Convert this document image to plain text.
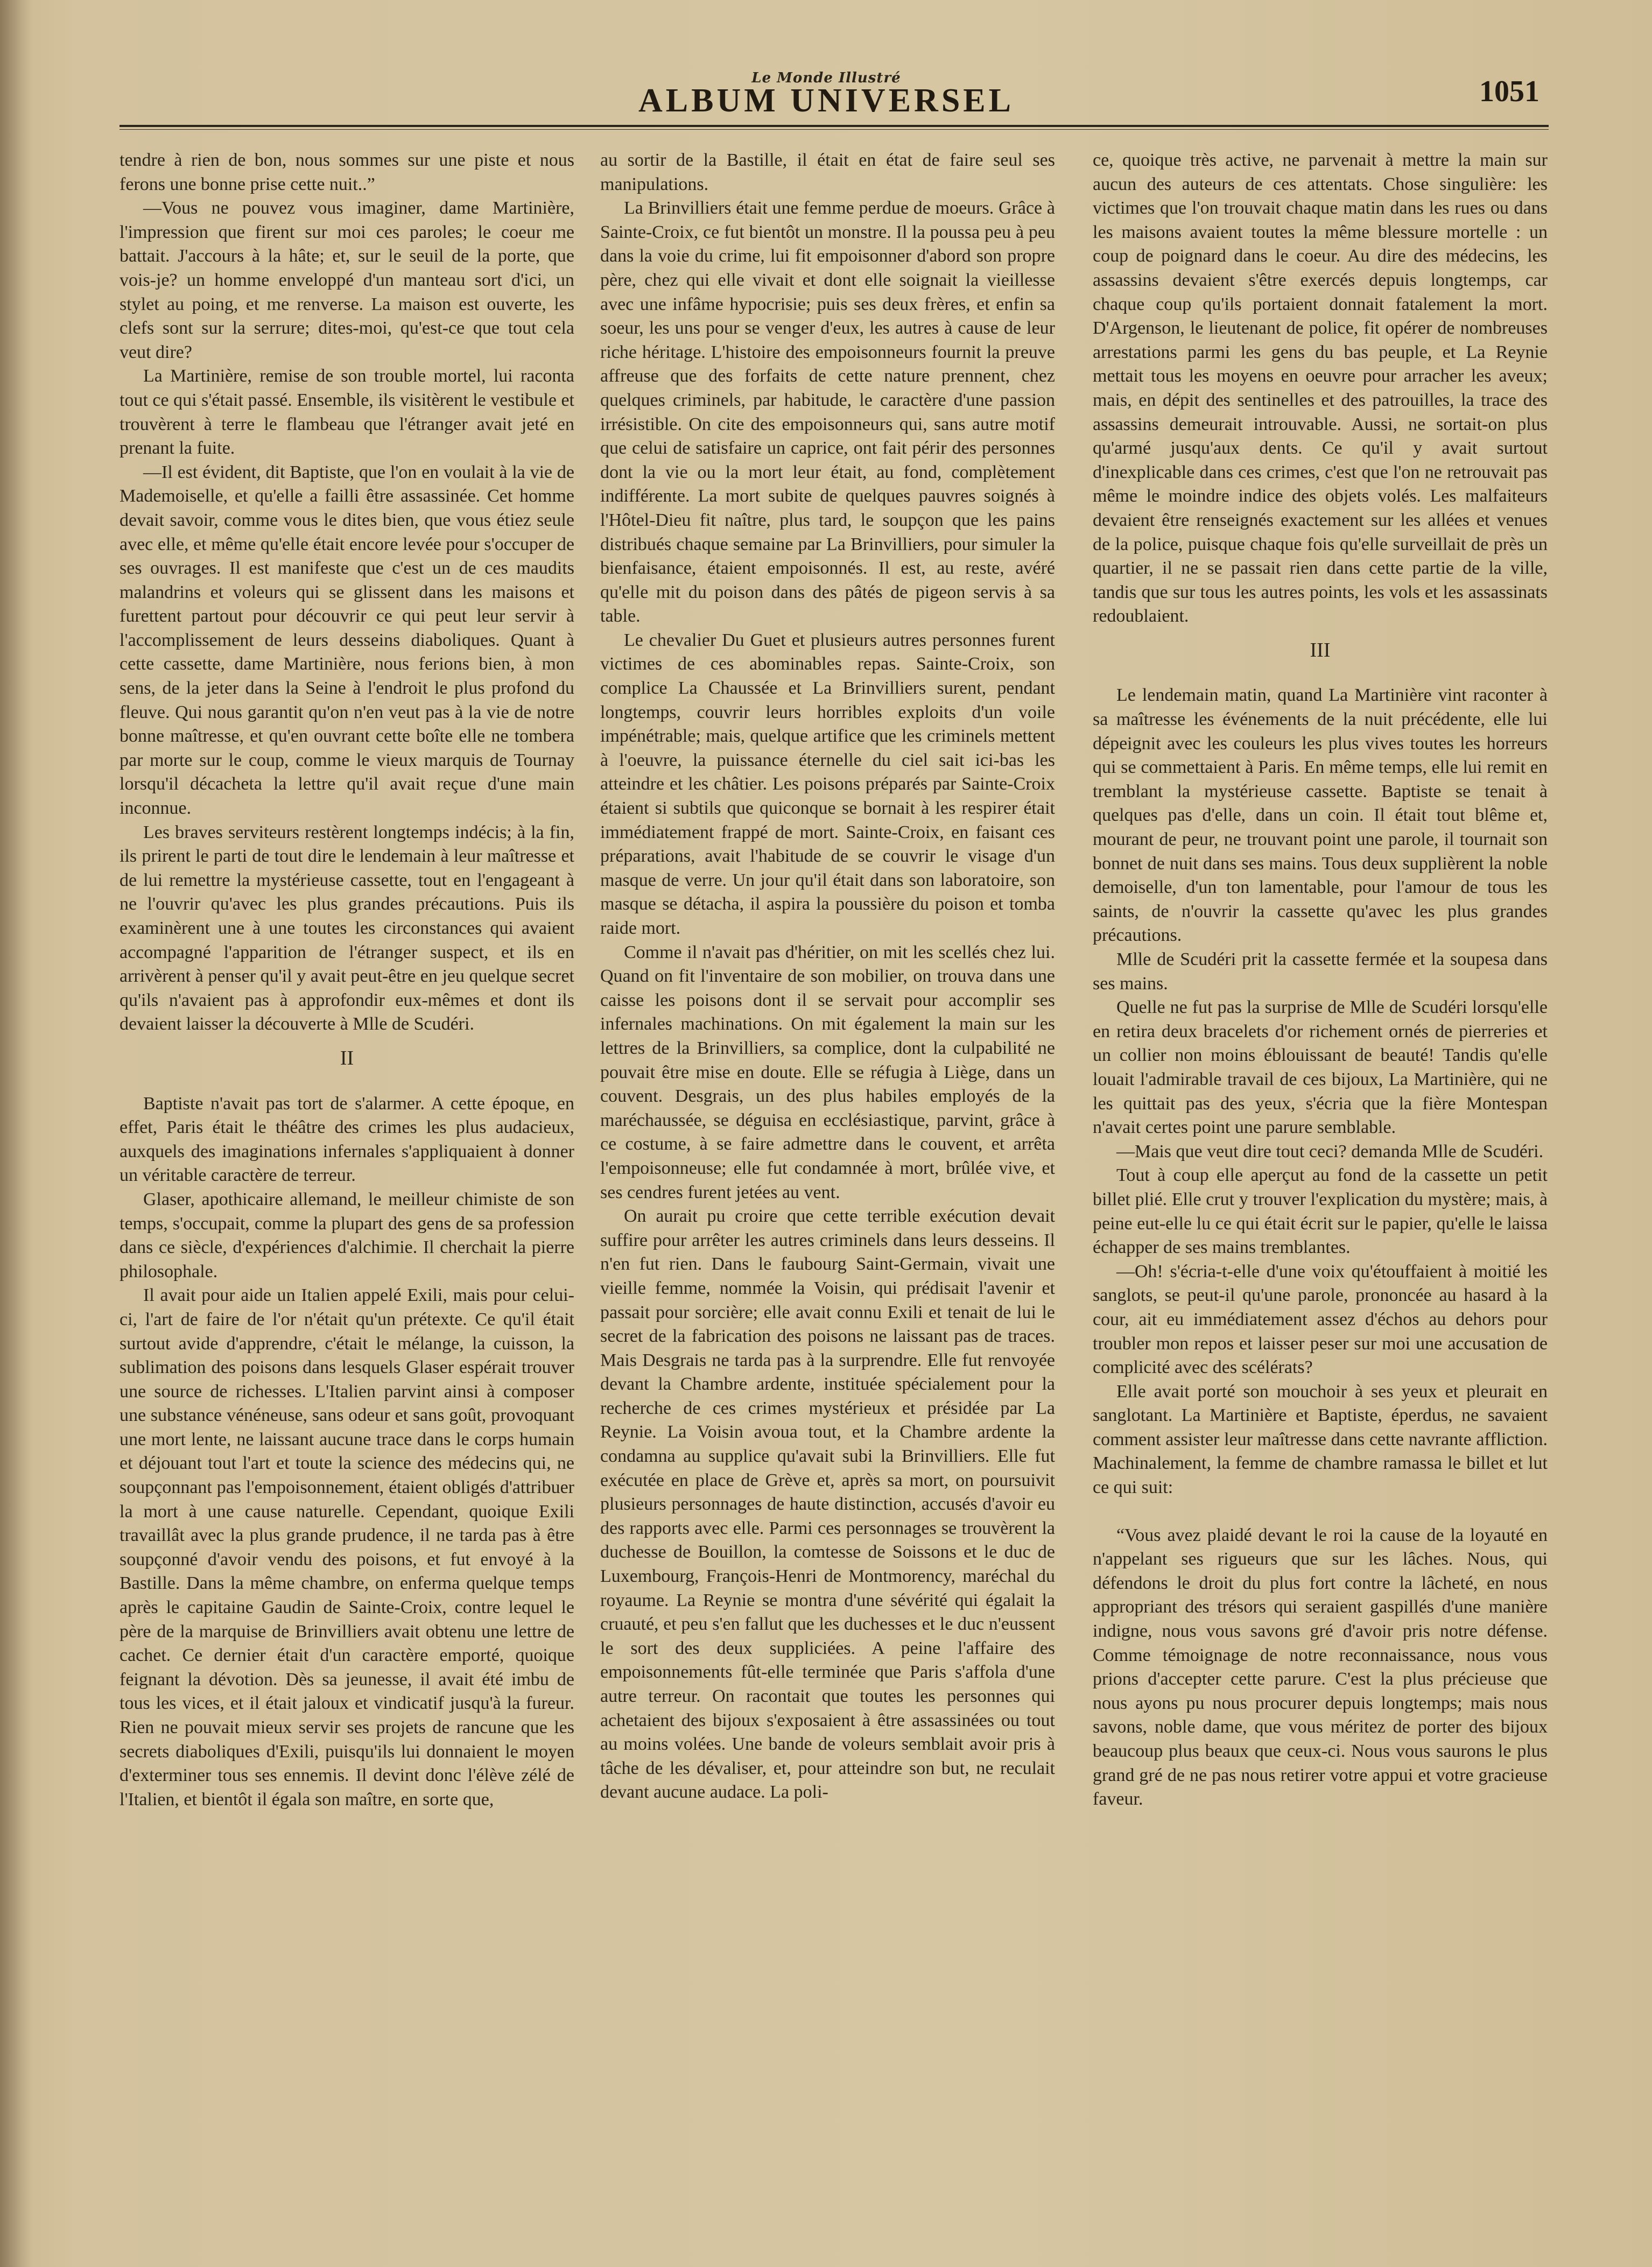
Le Monde Illustré
ALBUM UNIVERSEL	1051

tendre à rien de bon, nous sommes sur une piste et nous ferons une bonne prise cette nuit..”

—Vous ne pouvez vous imaginer, dame Martinière, l'impression que firent sur moi ces paroles; le coeur me battait. J'accours à la hâte; et, sur le seuil de la porte, que vois-je? un homme enveloppé d'un manteau sort d'ici, un stylet au poing, et me renverse. La maison est ouverte, les clefs sont sur la serrure; dites-moi, qu'est-ce que tout cela veut dire?

La Martinière, remise de son trouble mortel, lui raconta tout ce qui s'était passé. Ensemble, ils visitèrent le vestibule et trouvèrent à terre le flambeau que l'étranger avait jeté en prenant la fuite.

—Il est évident, dit Baptiste, que l'on en voulait à la vie de Mademoiselle, et qu'elle a failli être assassinée. Cet homme devait savoir, comme vous le dites bien, que vous étiez seule avec elle, et même qu'elle était encore levée pour s'occuper de ses ouvrages. Il est manifeste que c'est un de ces maudits malandrins et voleurs qui se glissent dans les maisons et furettent partout pour découvrir ce qui peut leur servir à l'accomplissement de leurs desseins diaboliques. Quant à cette cassette, dame Martinière, nous ferions bien, à mon sens, de la jeter dans la Seine à l'endroit le plus profond du fleuve. Qui nous garantit qu'on n'en veut pas à la vie de notre bonne maîtresse, et qu'en ouvrant cette boîte elle ne tombera par morte sur le coup, comme le vieux marquis de Tournay lorsqu'il décacheta la lettre qu'il avait reçue d'une main inconnue.

Les braves serviteurs restèrent longtemps indécis; à la fin, ils prirent le parti de tout dire le lendemain à leur maîtresse et de lui remettre la mystérieuse cassette, tout en l'engageant à ne l'ouvrir qu'avec les plus grandes précautions. Puis ils examinèrent une à une toutes les circonstances qui avaient accompagné l'apparition de l'étranger suspect, et ils en arrivèrent à penser qu'il y avait peut-être en jeu quelque secret qu'ils n'avaient pas à approfondir eux-mêmes et dont ils devaient laisser la découverte à Mlle de Scudéri.

II

Baptiste n'avait pas tort de s'alarmer. A cette époque, en effet, Paris était le théâtre des crimes les plus audacieux, auxquels des imaginations infernales s'appliquaient à donner un véritable caractère de terreur.

Glaser, apothicaire allemand, le meilleur chimiste de son temps, s'occupait, comme la plupart des gens de sa profession dans ce siècle, d'expériences d'alchimie. Il cherchait la pierre philosophale.

Il avait pour aide un Italien appelé Exili, mais pour celui-ci, l'art de faire de l'or n'était qu'un prétexte. Ce qu'il était surtout avide d'apprendre, c'était le mélange, la cuisson, la sublimation des poisons dans lesquels Glaser espérait trouver une source de richesses. L'Italien parvint ainsi à composer une substance vénéneuse, sans odeur et sans goût, provoquant une mort lente, ne laissant aucune trace dans le corps humain et déjouant tout l'art et toute la science des médecins qui, ne soupçonnant pas l'empoisonnement, étaient obligés d'attribuer la mort à une cause naturelle. Cependant, quoique Exili travaillât avec la plus grande prudence, il ne tarda pas à être soupçonné d'avoir vendu des poisons, et fut envoyé à la Bastille. Dans la même chambre, on enferma quelque temps après le capitaine Gaudin de Sainte-Croix, contre lequel le père de la marquise de Brinvilliers avait obtenu une lettre de cachet. Ce dernier était d'un caractère emporté, quoique feignant la dévotion. Dès sa jeunesse, il avait été imbu de tous les vices, et il était jaloux et vindicatif jusqu'à la fureur. Rien ne pouvait mieux servir ses projets de rancune que les secrets diaboliques d'Exili, puisqu'ils lui donnaient le moyen d'exterminer tous ses ennemis. Il devint donc l'élève zélé de l'Italien, et bientôt il égala son maître, en sorte que,

au sortir de la Bastille, il était en état de faire seul ses manipulations.

La Brinvilliers était une femme perdue de moeurs. Grâce à Sainte-Croix, ce fut bientôt un monstre. Il la poussa peu à peu dans la voie du crime, lui fit empoisonner d'abord son propre père, chez qui elle vivait et dont elle soignait la vieillesse avec une infâme hypocrisie; puis ses deux frères, et enfin sa soeur, les uns pour se venger d'eux, les autres à cause de leur riche héritage. L'histoire des empoisonneurs fournit la preuve affreuse que des forfaits de cette nature prennent, chez quelques criminels, par habitude, le caractère d'une passion irrésistible. On cite des empoisonneurs qui, sans autre motif que celui de satisfaire un caprice, ont fait périr des personnes dont la vie ou la mort leur était, au fond, complètement indifférente. La mort subite de quelques pauvres soignés à l'Hôtel-Dieu fit naître, plus tard, le soupçon que les pains distribués chaque semaine par La Brinvilliers, pour simuler la bienfaisance, étaient empoisonnés. Il est, au reste, avéré qu'elle mit du poison dans des pâtés de pigeon servis à sa table.

Le chevalier Du Guet et plusieurs autres personnes furent victimes de ces abominables repas. Sainte-Croix, son complice La Chaussée et La Brinvilliers surent, pendant longtemps, couvrir leurs horribles exploits d'un voile impénétrable; mais, quelque artifice que les criminels mettent à l'oeuvre, la puissance éternelle du ciel sait ici-bas les atteindre et les châtier. Les poisons préparés par Sainte-Croix étaient si subtils que quiconque se bornait à les respirer était immédiatement frappé de mort. Sainte-Croix, en faisant ces préparations, avait l'habitude de se couvrir le visage d'un masque de verre. Un jour qu'il était dans son laboratoire, son masque se détacha, il aspira la poussière du poison et tomba raide mort.

Comme il n'avait pas d'héritier, on mit les scellés chez lui. Quand on fit l'inventaire de son mobilier, on trouva dans une caisse les poisons dont il se servait pour accomplir ses infernales machinations. On mit également la main sur les lettres de la Brinvilliers, sa complice, dont la culpabilité ne pouvait être mise en doute. Elle se réfugia à Liège, dans un couvent. Desgrais, un des plus habiles employés de la maréchaussée, se déguisa en ecclésiastique, parvint, grâce à ce costume, à se faire admettre dans le couvent, et arrêta l'empoisonneuse; elle fut condamnée à mort, brûlée vive, et ses cendres furent jetées au vent.

On aurait pu croire que cette terrible exécution devait suffire pour arrêter les autres criminels dans leurs desseins. Il n'en fut rien. Dans le faubourg Saint-Germain, vivait une vieille femme, nommée la Voisin, qui prédisait l'avenir et passait pour sorcière; elle avait connu Exili et tenait de lui le secret de la fabrication des poisons ne laissant pas de traces. Mais Desgrais ne tarda pas à la surprendre. Elle fut renvoyée devant la Chambre ardente, instituée spécialement pour la recherche de ces crimes mystérieux et présidée par La Reynie. La Voisin avoua tout, et la Chambre ardente la condamna au supplice qu'avait subi la Brinvilliers. Elle fut exécutée en place de Grève et, après sa mort, on poursuivit plusieurs personnages de haute distinction, accusés d'avoir eu des rapports avec elle. Parmi ces personnages se trouvèrent la duchesse de Bouillon, la comtesse de Soissons et le duc de Luxembourg, François-Henri de Montmorency, maréchal du royaume. La Reynie se montra d'une sévérité qui égalait la cruauté, et peu s'en fallut que les duchesses et le duc n'eussent le sort des deux suppliciées. A peine l'affaire des empoisonnements fût-elle terminée que Paris s'affola d'une autre terreur. On racontait que toutes les personnes qui achetaient des bijoux s'exposaient à être assassinées ou tout au moins volées. Une bande de voleurs semblait avoir pris à tâche de les dévaliser, et, pour atteindre son but, ne reculait devant aucune audace. La poli-

ce, quoique très active, ne parvenait à mettre la main sur aucun des auteurs de ces attentats. Chose singulière: les victimes que l'on trouvait chaque matin dans les rues ou dans les maisons avaient toutes la même blessure mortelle : un coup de poignard dans le coeur. Au dire des médecins, les assassins devaient s'être exercés depuis longtemps, car chaque coup qu'ils portaient donnait fatalement la mort. D'Argenson, le lieutenant de police, fit opérer de nombreuses arrestations parmi les gens du bas peuple, et La Reynie mettait tous les moyens en oeuvre pour arracher les aveux; mais, en dépit des sentinelles et des patrouilles, la trace des assassins demeurait introuvable. Aussi, ne sortait-on plus qu'armé jusqu'aux dents. Ce qu'il y avait surtout d'inexplicable dans ces crimes, c'est que l'on ne retrouvait pas même le moindre indice des objets volés. Les malfaiteurs devaient être renseignés exactement sur les allées et venues de la police, puisque chaque fois qu'elle surveillait de près un quartier, il ne se passait rien dans cette partie de la ville, tandis que sur tous les autres points, les vols et les assassinats redoublaient.

III

Le lendemain matin, quand La Martinière vint raconter à sa maîtresse les événements de la nuit précédente, elle lui dépeignit avec les couleurs les plus vives toutes les horreurs qui se commettaient à Paris. En même temps, elle lui remit en tremblant la mystérieuse cassette. Baptiste se tenait à quelques pas d'elle, dans un coin. Il était tout blême et, mourant de peur, ne trouvant point une parole, il tournait son bonnet de nuit dans ses mains. Tous deux supplièrent la noble demoiselle, d'un ton lamentable, pour l'amour de tous les saints, de n'ouvrir la cassette qu'avec les plus grandes précautions.

Mlle de Scudéri prit la cassette fermée et la soupesa dans ses mains.

Quelle ne fut pas la surprise de Mlle de Scudéri lorsqu'elle en retira deux bracelets d'or richement ornés de pierreries et un collier non moins éblouissant de beauté! Tandis qu'elle louait l'admirable travail de ces bijoux, La Martinière, qui ne les quittait pas des yeux, s'écria que la fière Montespan n'avait certes point une parure semblable.

—Mais que veut dire tout ceci? demanda Mlle de Scudéri.

Tout à coup elle aperçut au fond de la cassette un petit billet plié. Elle crut y trouver l'explication du mystère; mais, à peine eut-elle lu ce qui était écrit sur le papier, qu'elle le laissa échapper de ses mains tremblantes.

—Oh! s'écria-t-elle d'une voix qu'étouffaient à moitié les sanglots, se peut-il qu'une parole, prononcée au hasard à la cour, ait eu immédiatement assez d'échos au dehors pour troubler mon repos et laisser peser sur moi une accusation de complicité avec des scélérats?

Elle avait porté son mouchoir à ses yeux et pleurait en sanglotant. La Martinière et Baptiste, éperdus, ne savaient comment assister leur maîtresse dans cette navrante affliction. Machinalement, la femme de chambre ramassa le billet et lut ce qui suit:

“Vous avez plaidé devant le roi la cause de la loyauté en n'appelant ses rigueurs que sur les lâches. Nous, qui défendons le droit du plus fort contre la lâcheté, en nous appropriant des trésors qui seraient gaspillés d'une manière indigne, nous vous savons gré d'avoir pris notre défense. Comme témoignage de notre reconnaissance, nous vous prions d'accepter cette parure. C'est la plus précieuse que nous ayons pu nous procurer depuis longtemps; mais nous savons, noble dame, que vous méritez de porter des bijoux beaucoup plus beaux que ceux-ci. Nous vous saurons le plus grand gré de ne pas nous retirer votre appui et votre gracieuse faveur.
